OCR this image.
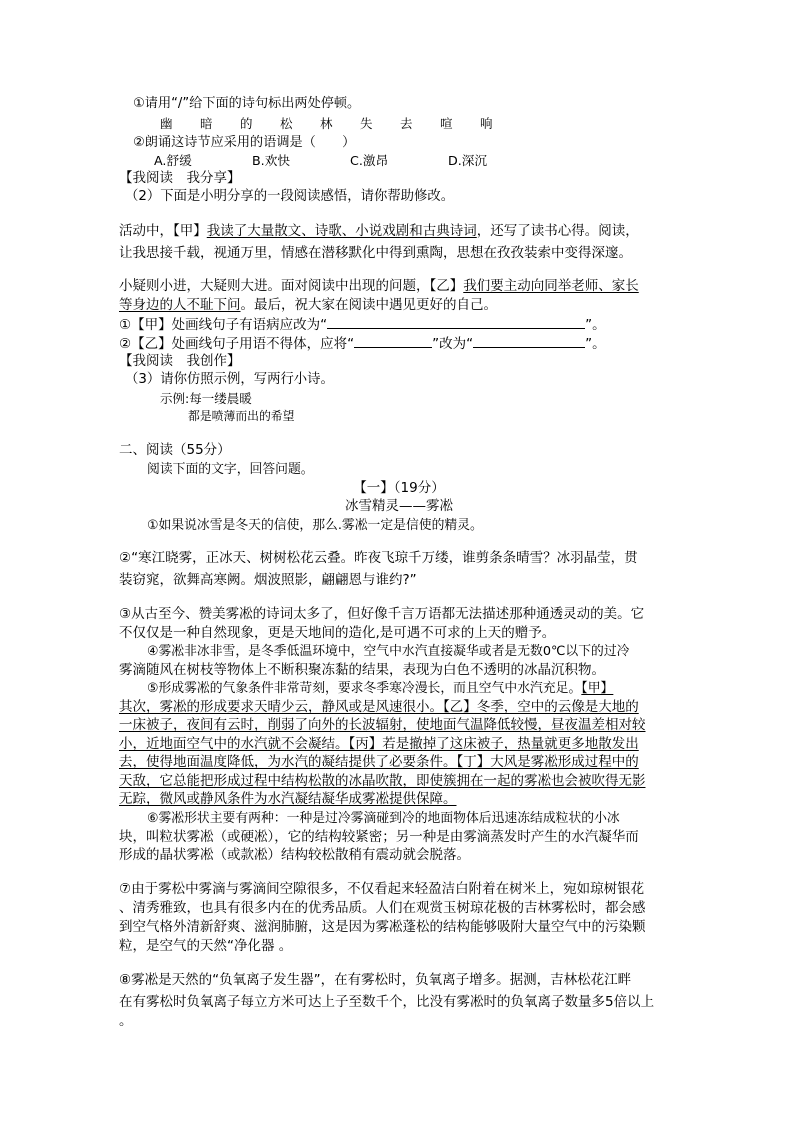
①请用“/”给下面的诗句标出两处停顿。
幽 暗 的 松 林 失 去 喧 响
②朗诵这诗节应采用的语调是（　　）
A.舒缓	B.欢快	C.激昂	D.深沉
【我阅读　我分享】
（2）下面是小明分享的一段阅读感悟，请你帮助修改。
活动中，【甲】我读了大量散文、诗歌、小说戏剧和古典诗词，还写了读书心得。阅读，
让我思接千载，视通万里，情感在潜移默化中得到熏陶，思想在孜孜装索中变得深邃。
小疑则小进，大疑则大进。面对阅读中出现的问题，【乙】我们要主动向同举老师、家长
等身边的人不耻下问。最后，祝大家在阅读中遇见更好的自己。
①【甲】处画线句子有语病应改为“	”。
②【乙】处画线句子用语不得体，应将“	”改为“	”。
【我阅读　我创作】
（3）请你仿照示例，写两行小诗。
示例:每一缕晨暖
都是喷薄而出的希望
二、阅读（55分）
阅读下面的文字，回答问题。
【一】（19分）
冰雪精灵——雾凇
①如果说冰雪是冬天的信使，那么.雾凇一定是信使的精灵。
②“寒江晓雾，正冰天、树树松花云叠。昨夜飞琼千万缕，谁剪条条晴雪？冰羽晶莹，贯
装窃窕，欲舞高寒阙。烟波照影，翩翩恩与谁约?”
③从古至今、赞美雾凇的诗词太多了，但好像千言万语都无法描述那种通透灵动的美。它
不仅仅是一种自然现象，更是天地间的造化,是可遇不可求的上天的赠予。
④雾凇非冰非雪，是冬季低温环境中，空气中水汽直接凝华或者是无数0℃以下的过冷
雾滴随风在树枝等物体上不断积聚冻黏的结果，表现为白色不透明的冰晶沉积物。
⑤形成雾凇的气象条件非常苛刻，要求冬季寒冷漫长，而且空气中水汽充足。【甲】
其次，雾凇的形成要求天晴少云，静风或是风速很小。【乙】冬季，空中的云像是大地的
一床被子，夜间有云时，削弱了向外的长波辐射，使地面气温降低较慢，昼夜温差相对较
小，近地面空气中的水汽就不会凝结。【丙】若是撤掉了这床被子，热量就更多地散发出
去，使得地面温度降低，为水汽的凝结提供了必要条件。【丁】大风是雾凇形成过程中的
天敌，它总能把形成过程中结构松散的冰晶吹散，即使簇拥在一起的雾凇也会被吹得无影
无踪，微风或静风条件为水汽凝结凝华成雾凇提供保障。
⑥雾凇形状主要有两种：一种是过冷雾滴碰到冷的地面物体后迅速冻结成粒状的小冰
块，叫粒状雾凇（或硬凇），它的结构较紧密；另一种是由雾滴蒸发时产生的水汽凝华而
形成的晶状雾凇（或款凇）结构较松散稍有震动就会脱落。
⑦由于雾松中雾滴与雾滴间空隙很多，不仅看起来轻盈洁白附着在树米上，宛如琼树银花
、清秀雅致，也具有很多内在的优秀品质。人们在观赏玉树琼花极的吉林雾松时，都会感
到空气格外清新舒爽、滋润肺腑，这是因为雾凇蓬松的结构能够吸附大量空气中的污染颗
粒，是空气的天然“净化器 。
⑧雾凇是天然的“负氧离子发生器”，在有雾松时，负氧离子增多。据测，吉林松花江畔
在有雾松时负氧离子每立方米可达上子至数千个，比没有雾凇时的负氧离子数量多5倍以上
。
